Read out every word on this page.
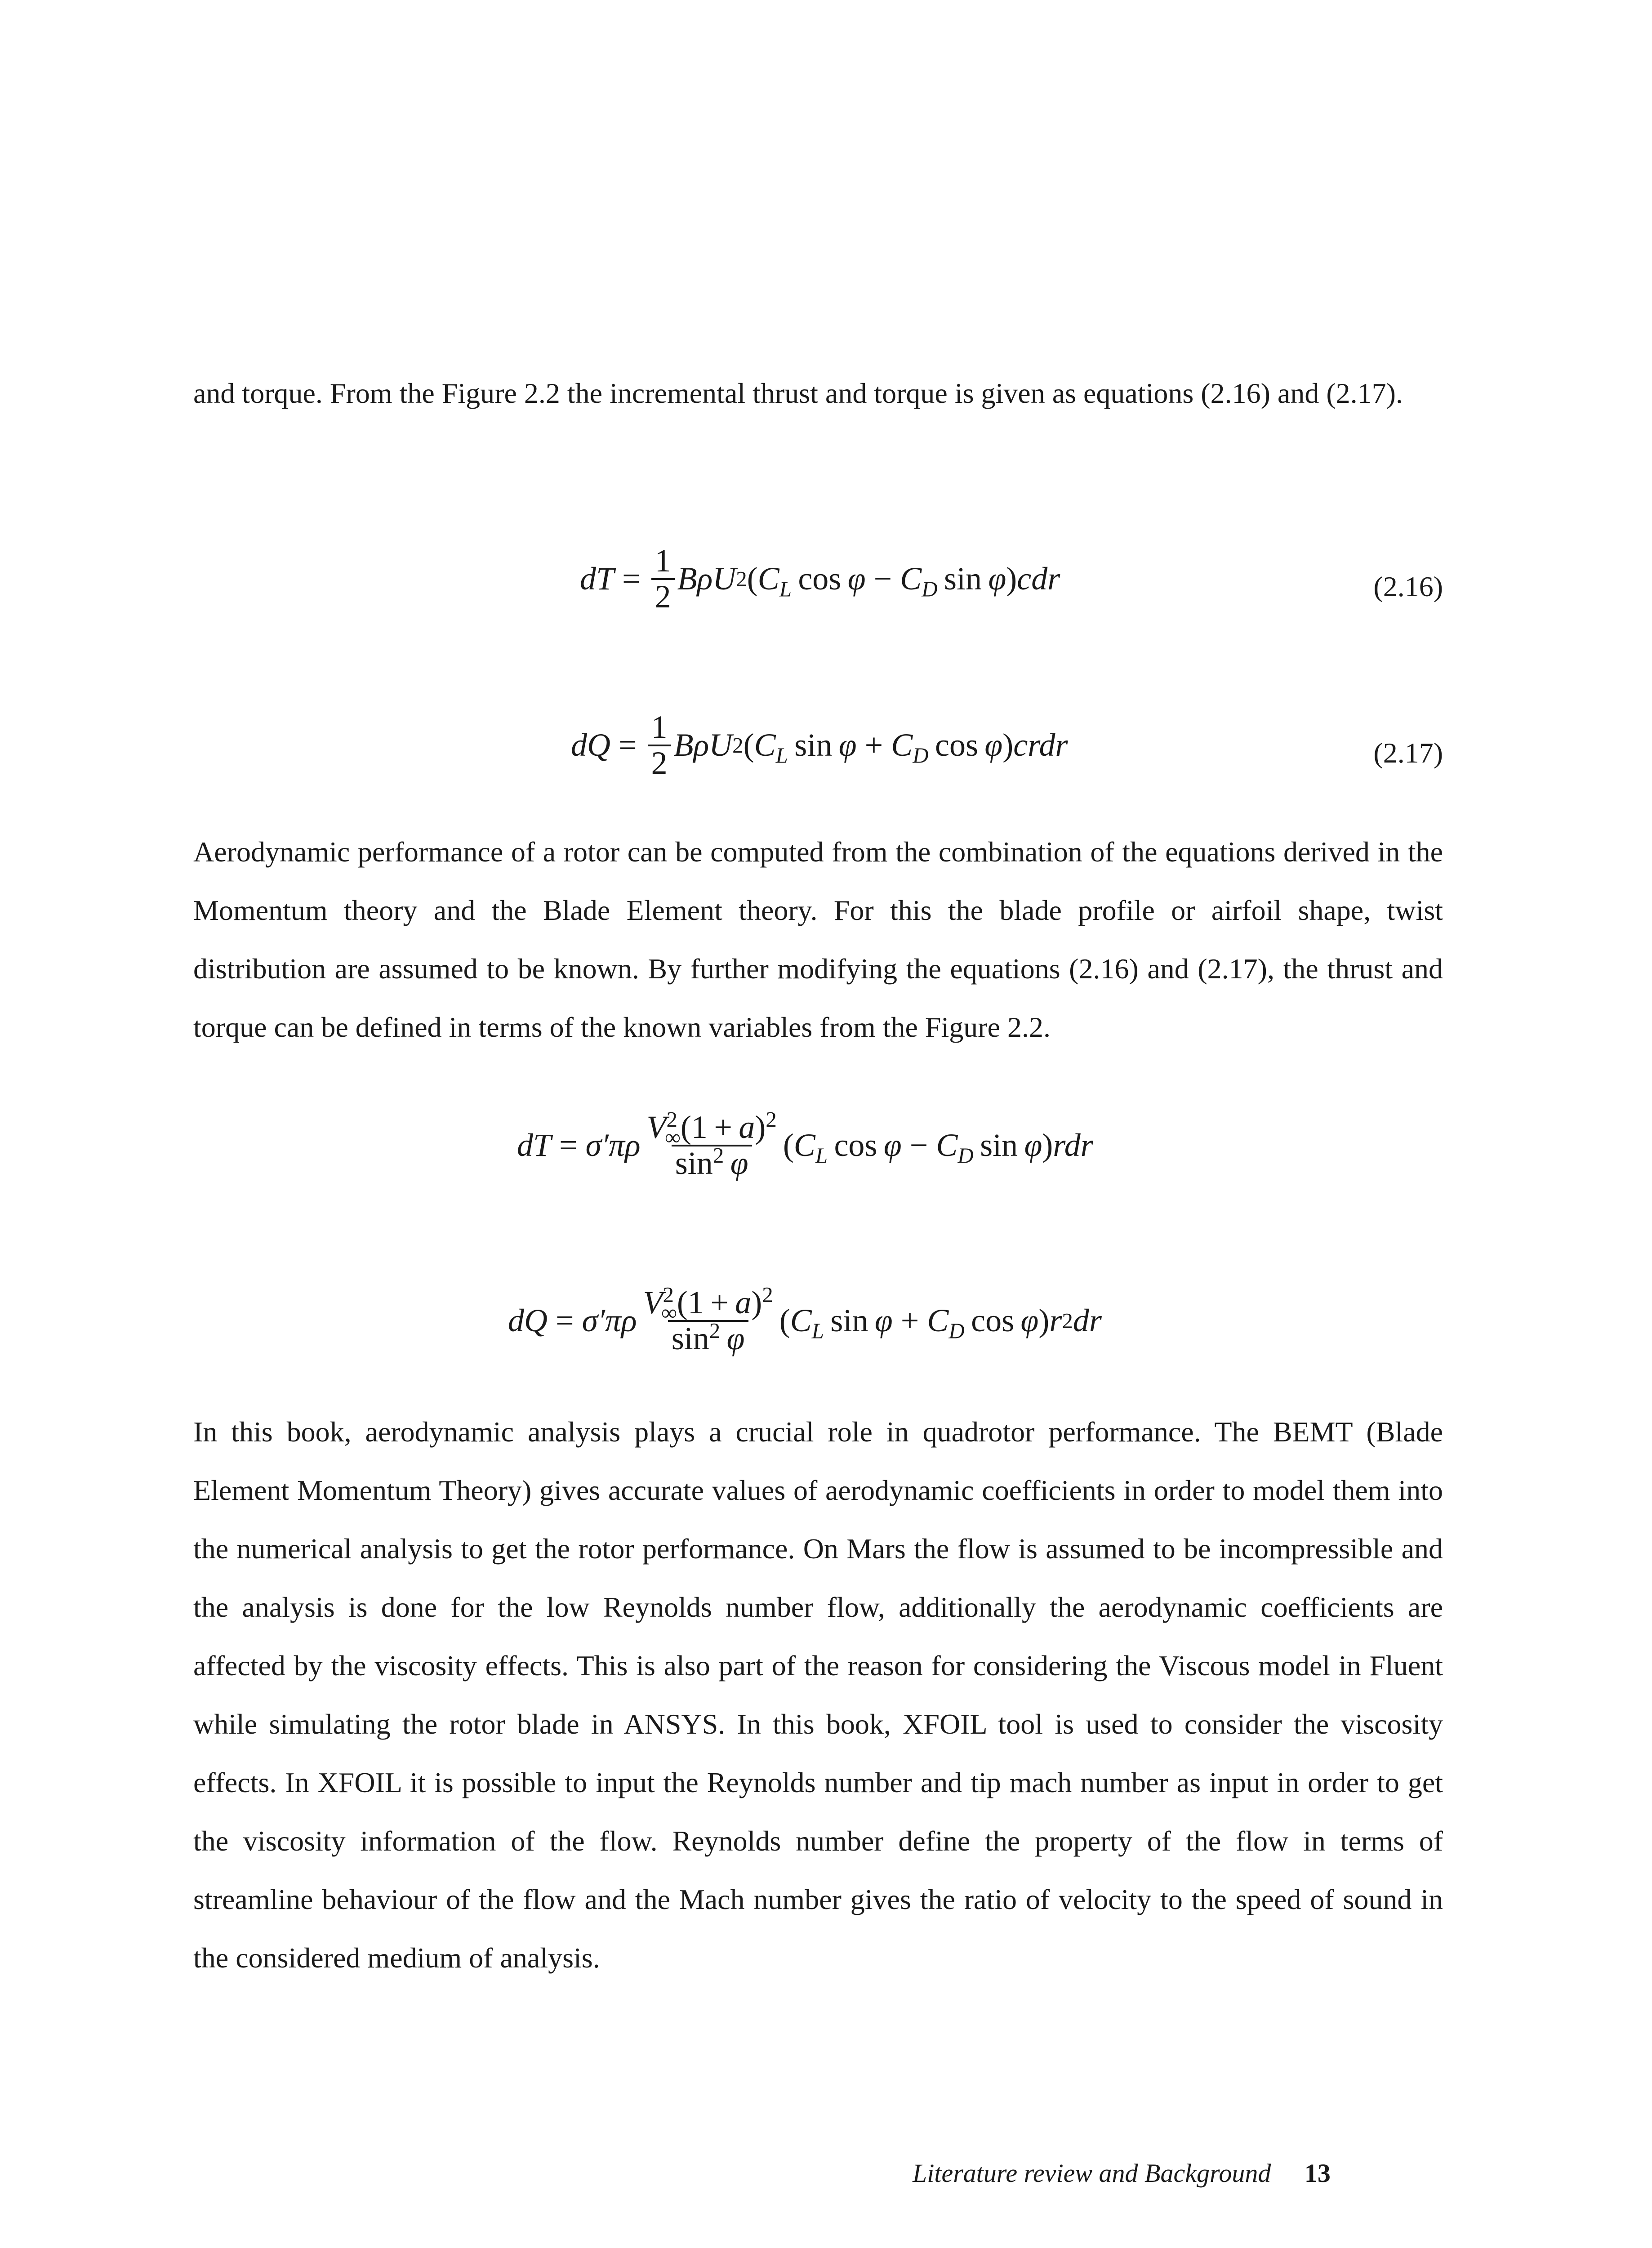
and torque. From the Figure 2.2 the incremental thrust and torque is given as equations (2.16) and (2.17).

dT = $\frac{1}{2}$ BρU 2 ( $C_L$  $\cos \varphi - C_D$  sin  φ ) cdr	(2.16)
dQ = $\frac{1}{2}$ BρU 2 ( $C_L$  $\sin \varphi + C_D$  cos  φ ) crdr	(2.17)

Aerodynamic performance of a rotor can be computed from the combination of the equations derived in the Momentum theory and the Blade Element theory. For this the blade profile or airfoil shape, twist distribution are assumed to be known. By further modifying the equations (2.16) and (2.17), the thrust and torque can be defined in terms of the known variables from the Figure 2.2.

dT = $\sigma'\pi\rho \frac{V^2_\infty(1 + a)^2}{\sin^2 \varphi}$ ( $C_L$  $\cos \varphi - C_D$  sin  φ ) rdr
dQ = $\sigma'\pi\rho \frac{V^2_\infty(1 + a)^2}{\sin^2 \varphi}$ ( $C_L$  $\sin \varphi + C_D$  cos  φ ) r 2 dr

In this book, aerodynamic analysis plays a crucial role in quadrotor performance. The BEMT (Blade Element Momentum Theory) gives accurate values of aerodynamic coefficients in order to model them into the numerical analysis to get the rotor performance. On Mars the flow is assumed to be incompressible and the analysis is done for the low Reynolds number flow, additionally the aerodynamic coefficients are affected by the viscosity effects. This is also part of the reason for considering the Viscous model in Fluent while simulating the rotor blade in ANSYS. In this book, XFOIL tool is used to consider the viscosity effects. In XFOIL it is possible to input the Reynolds number and tip mach number as input in order to get the viscosity information of the flow. Reynolds number define the property of the flow in terms of streamline behaviour of the flow and the Mach number gives the ratio of velocity to the speed of sound in the considered medium of analysis.

Literature review and Background 13
